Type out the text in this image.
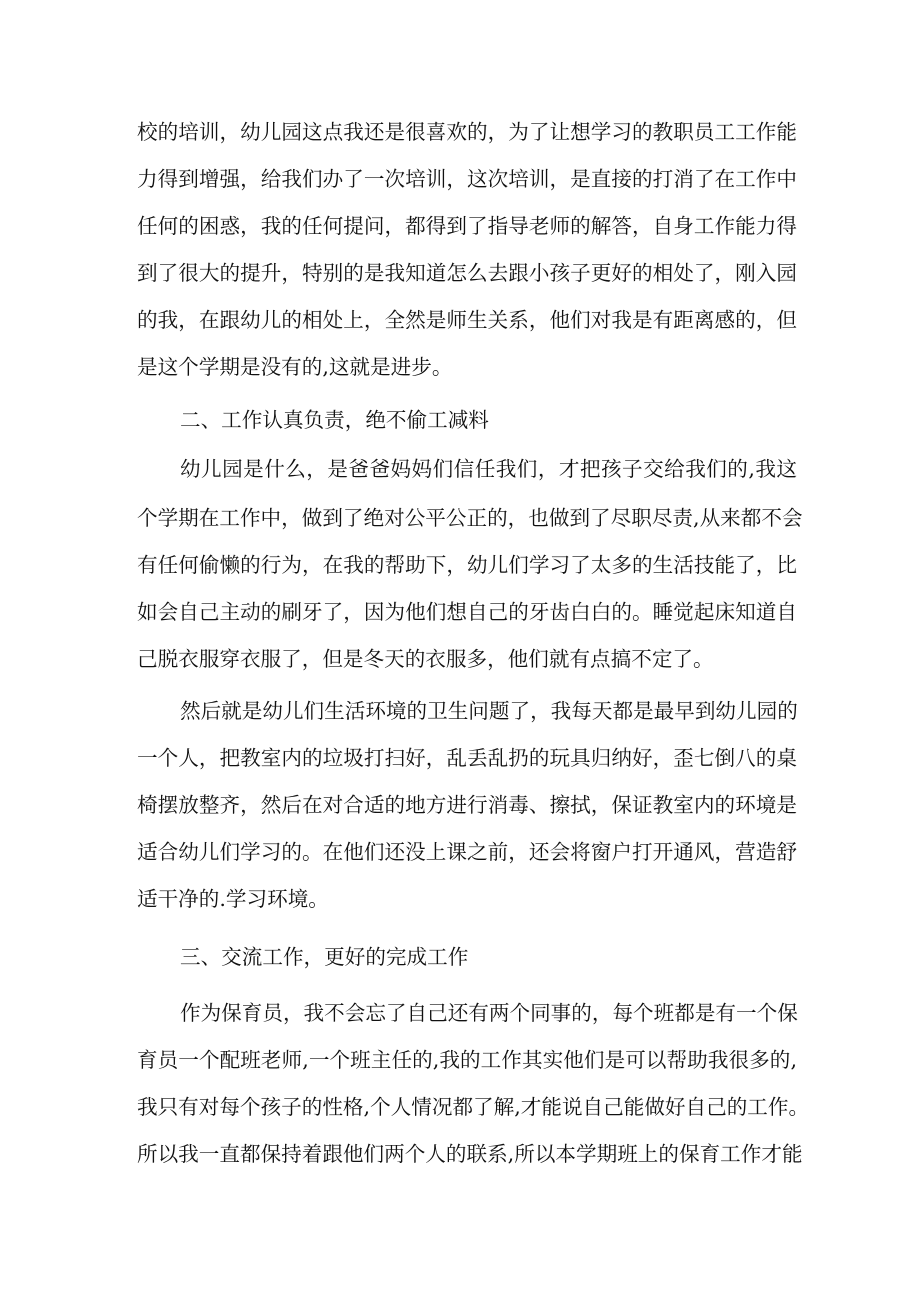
校的培训，幼儿园这点我还是很喜欢的，为了让想学习的教职员工工作能

力得到增强，给我们办了一次培训，这次培训，是直接的打消了在工作中

任何的困惑，我的任何提问，都得到了指导老师的解答，自身工作能力得

到了很大的提升，特别的是我知道怎么去跟小孩子更好的相处了，刚入园

的我，在跟幼儿的相处上，全然是师生关系，他们对我是有距离感的，但

是这个学期是没有的,这就是进步。

二、工作认真负责，绝不偷工减料

幼儿园是什么，是爸爸妈妈们信任我们，才把孩子交给我们的,我这

个学期在工作中，做到了绝对公平公正的，也做到了尽职尽责,从来都不会

有任何偷懒的行为，在我的帮助下，幼儿们学习了太多的生活技能了，比

如会自己主动的刷牙了，因为他们想自己的牙齿白白的。睡觉起床知道自

己脱衣服穿衣服了，但是冬天的衣服多，他们就有点搞不定了。

然后就是幼儿们生活环境的卫生问题了，我每天都是最早到幼儿园的

一个人，把教室内的垃圾打扫好，乱丢乱扔的玩具归纳好，歪七倒八的桌

椅摆放整齐，然后在对合适的地方进行消毒、擦拭，保证教室内的环境是

适合幼儿们学习的。在他们还没上课之前，还会将窗户打开通风，营造舒

适干净的.学习环境。

三、交流工作，更好的完成工作

作为保育员，我不会忘了自己还有两个同事的，每个班都是有一个保

育员一个配班老师,一个班主任的,我的工作其实他们是可以帮助我很多的,

我只有对每个孩子的性格,个人情况都了解,才能说自己能做好自己的工作。

所以我一直都保持着跟他们两个人的联系,所以本学期班上的保育工作才能
